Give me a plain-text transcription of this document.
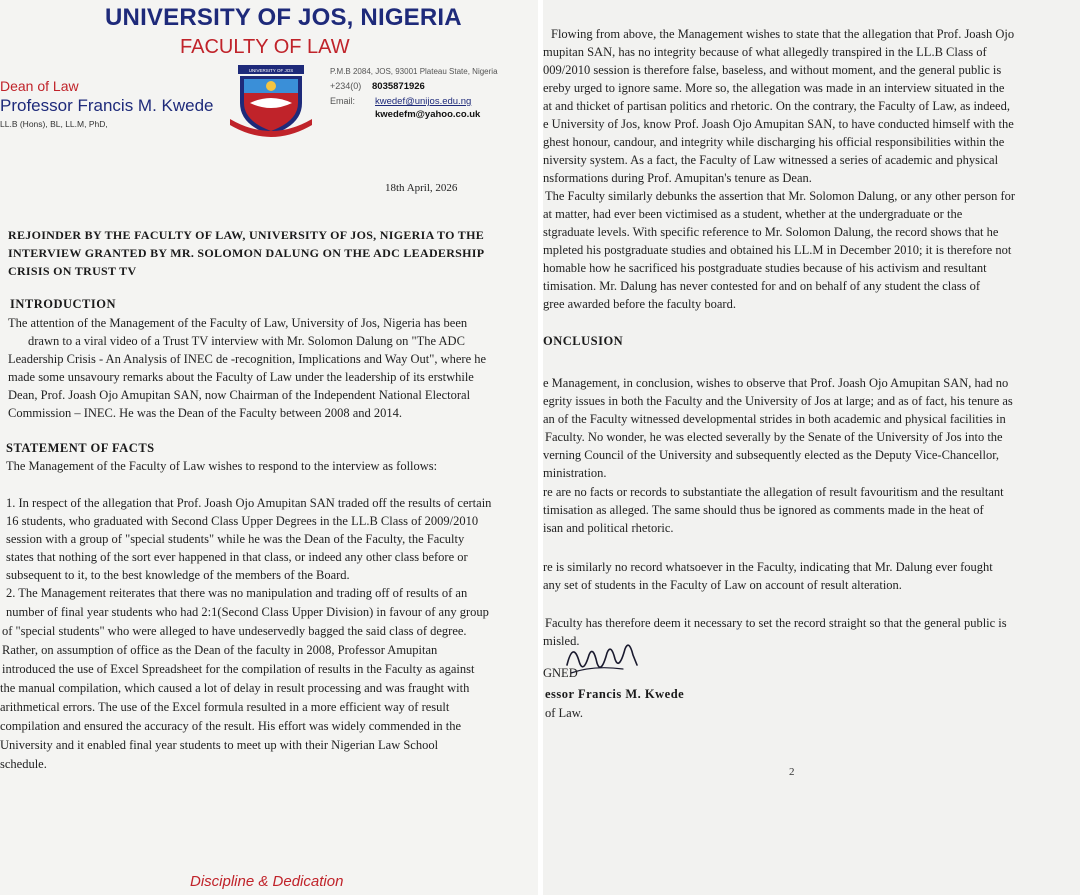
UNIVERSITY OF JOS, NIGERIA
FACULTY OF LAW
Dean of Law
Professor Francis M. Kwede
LL.B (Hons), BL, LL.M, PhD,
UNIVERSITY OF JOS	P.M.B 2084, JOS, 93001 Plateau State, Nigeria
+234(0) 8035871926
Email: kwedef@unijos.edu.ng
kwedefm@yahoo.co.uk
18th April, 2026
REJOINDER BY THE FACULTY OF LAW, UNIVERSITY OF JOS, NIGERIA TO THE
INTERVIEW GRANTED BY MR. SOLOMON DALUNG ON THE ADC LEADERSHIP
CRISIS ON TRUST TV
INTRODUCTION
The attention of the Management of the Faculty of Law, University of Jos, Nigeria has been
drawn to a viral video of a Trust TV interview with Mr. Solomon Dalung on "The ADC
Leadership Crisis - An Analysis of INEC de -recognition, Implications and Way Out", where he
made some unsavoury remarks about the Faculty of Law under the leadership of its erstwhile
Dean, Prof. Joash Ojo Amupitan SAN, now Chairman of the Independent National Electoral
Commission – INEC. He was the Dean of the Faculty between 2008 and 2014.
STATEMENT OF FACTS
The Management of the Faculty of Law wishes to respond to the interview as follows:
1. In respect of the allegation that Prof. Joash Ojo Amupitan SAN traded off the results of certain
16 students, who graduated with Second Class Upper Degrees in the LL.B Class of 2009/2010
session with a group of "special students" while he was the Dean of the Faculty, the Faculty
states that nothing of the sort ever happened in that class, or indeed any other class before or
subsequent to it, to the best knowledge of the members of the Board.
2. The Management reiterates that there was no manipulation and trading off of results of an
number of final year students who had 2:1(Second Class Upper Division) in favour of any group
of "special students" who were alleged to have undeservedly bagged the said class of degree.
Rather, on assumption of office as the Dean of the faculty in 2008, Professor Amupitan
introduced the use of Excel Spreadsheet for the compilation of results in the Faculty as against
the manual compilation, which caused a lot of delay in result processing and was fraught with
arithmetical errors. The use of the Excel formula resulted in a more efficient way of result
compilation and ensured the accuracy of the result. His effort was widely commended in the
University and it enabled final year students to meet up with their Nigerian Law School
schedule.
Discipline & Dedication
Flowing from above, the Management wishes to state that the allegation that Prof. Joash Ojo
mupitan SAN, has no integrity because of what allegedly transpired in the LL.B Class of
009/2010 session is therefore false, baseless, and without moment, and the general public is
ereby urged to ignore same. More so, the allegation was made in an interview situated in the
at and thicket of partisan politics and rhetoric. On the contrary, the Faculty of Law, as indeed,
e University of Jos, know Prof. Joash Ojo Amupitan SAN, to have conducted himself with the
ghest honour, candour, and integrity while discharging his official responsibilities within the
niversity system. As a fact, the Faculty of Law witnessed a series of academic and physical
nsformations during Prof. Amupitan's tenure as Dean.
The Faculty similarly debunks the assertion that Mr. Solomon Dalung, or any other person for
at matter, had ever been victimised as a student, whether at the undergraduate or the
stgraduate levels. With specific reference to Mr. Solomon Dalung, the record shows that he
mpleted his postgraduate studies and obtained his LL.M in December 2010; it is therefore not
homable how he sacrificed his postgraduate studies because of his activism and resultant
timisation. Mr. Dalung has never contested for and on behalf of any student the class of
gree awarded before the faculty board.
ONCLUSION
e Management, in conclusion, wishes to observe that Prof. Joash Ojo Amupitan SAN, had no
egrity issues in both the Faculty and the University of Jos at large; and as of fact, his tenure as
an of the Faculty witnessed developmental strides in both academic and physical facilities in
Faculty. No wonder, he was elected severally by the Senate of the University of Jos into the
verning Council of the University and subsequently elected as the Deputy Vice-Chancellor,
ministration.
re are no facts or records to substantiate the allegation of result favouritism and the resultant
timisation as alleged. The same should thus be ignored as comments made in the heat of
isan and political rhetoric.
re is similarly no record whatsoever in the Faculty, indicating that Mr. Dalung ever fought
any set of students in the Faculty of Law on account of result alteration.
Faculty has therefore deem it necessary to set the record straight so that the general public is
misled.
GNED
essor Francis M. Kwede
of Law.
2
